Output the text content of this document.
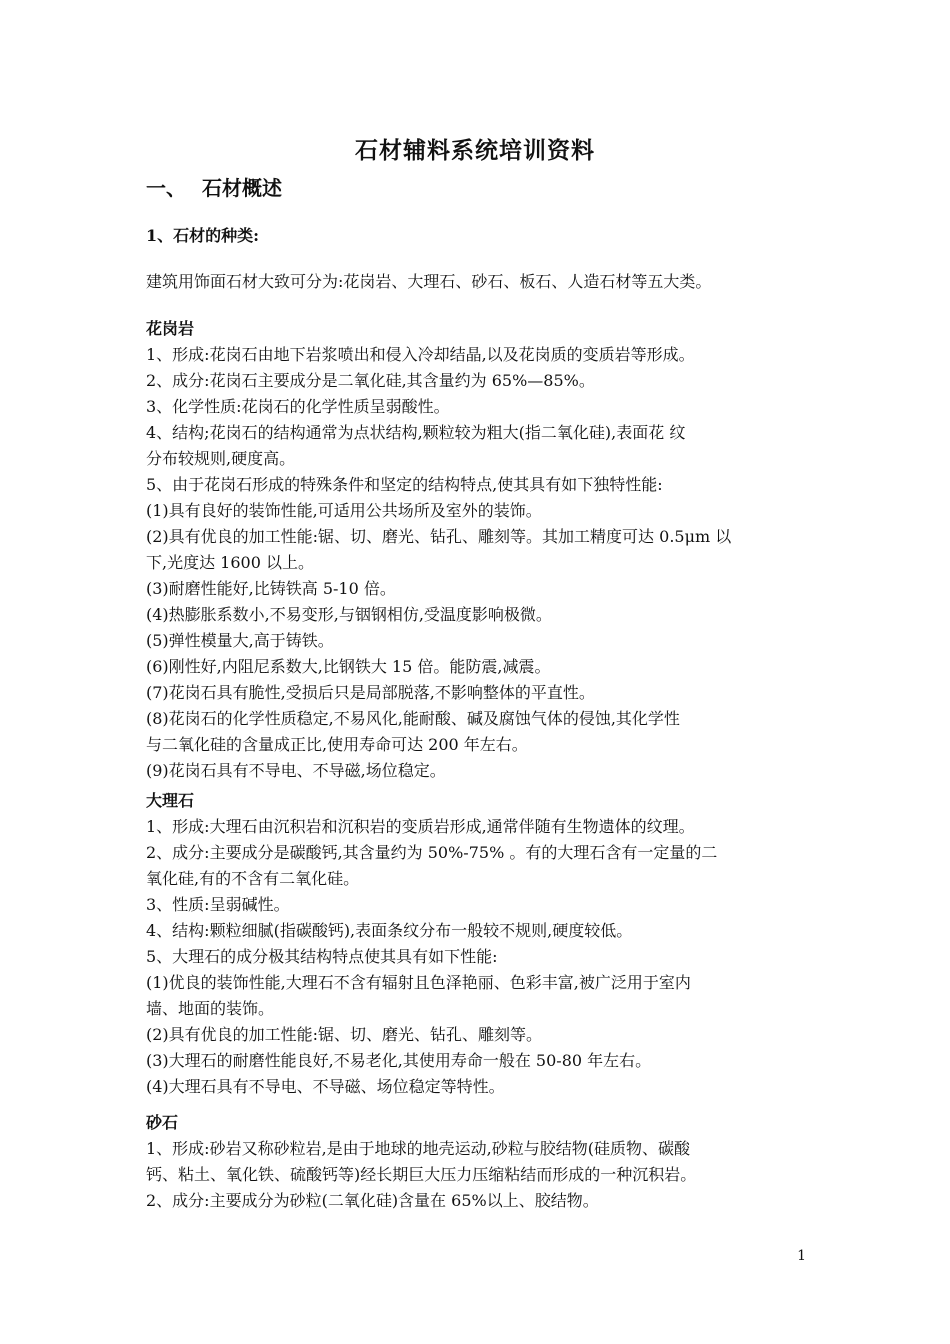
石材辅料系统培训资料
一、 石材概述
1、石材的种类:
建筑用饰面石材大致可分为:花岗岩、大理石、砂石、板石、人造石材等五大类。

花岗岩

1、形成:花岗石由地下岩浆喷出和侵入冷却结晶,以及花岗质的变质岩等形成。

2、成分:花岗石主要成分是二氧化硅,其含量约为 65%—85%。

3、化学性质:花岗石的化学性质呈弱酸性。

4、结构;花岗石的结构通常为点状结构,颗粒较为粗大(指二氧化硅),表面花 纹

分布较规则,硬度高。

5、由于花岗石形成的特殊条件和坚定的结构特点,使其具有如下独特性能:

(1)具有良好的装饰性能,可适用公共场所及室外的装饰。

(2)具有优良的加工性能:锯、切、磨光、钻孔、雕刻等。其加工精度可达 0.5μm 以

下,光度达 1600 以上。

(3)耐磨性能好,比铸铁高 5-10 倍。

(4)热膨胀系数小,不易变形,与铟钢相仿,受温度影响极微。

(5)弹性模量大,高于铸铁。

(6)刚性好,内阻尼系数大,比钢铁大 15 倍。能防震,减震。

(7)花岗石具有脆性,受损后只是局部脱落,不影响整体的平直性。

(8)花岗石的化学性质稳定,不易风化,能耐酸、碱及腐蚀气体的侵蚀,其化学性

与二氧化硅的含量成正比,使用寿命可达 200 年左右。

(9)花岗石具有不导电、不导磁,场位稳定。

大理石

1、形成:大理石由沉积岩和沉积岩的变质岩形成,通常伴随有生物遗体的纹理。

2、成分:主要成分是碳酸钙,其含量约为 50%-75% 。有的大理石含有一定量的二

氧化硅,有的不含有二氧化硅。

3、性质:呈弱碱性。

4、结构:颗粒细腻(指碳酸钙),表面条纹分布一般较不规则,硬度较低。

5、大理石的成分极其结构特点使其具有如下性能:

(1)优良的装饰性能,大理石不含有辐射且色泽艳丽、色彩丰富,被广泛用于室内

墙、地面的装饰。

(2)具有优良的加工性能:锯、切、磨光、钻孔、雕刻等。

(3)大理石的耐磨性能良好,不易老化,其使用寿命一般在 50-80 年左右。

(4)大理石具有不导电、不导磁、场位稳定等特性。

砂石

1、形成:砂岩又称砂粒岩,是由于地球的地壳运动,砂粒与胶结物(硅质物、碳酸

钙、粘土、氧化铁、硫酸钙等)经长期巨大压力压缩粘结而形成的一种沉积岩。

2、成分:主要成分为砂粒(二氧化硅)含量在 65%以上、胶结物。

1
